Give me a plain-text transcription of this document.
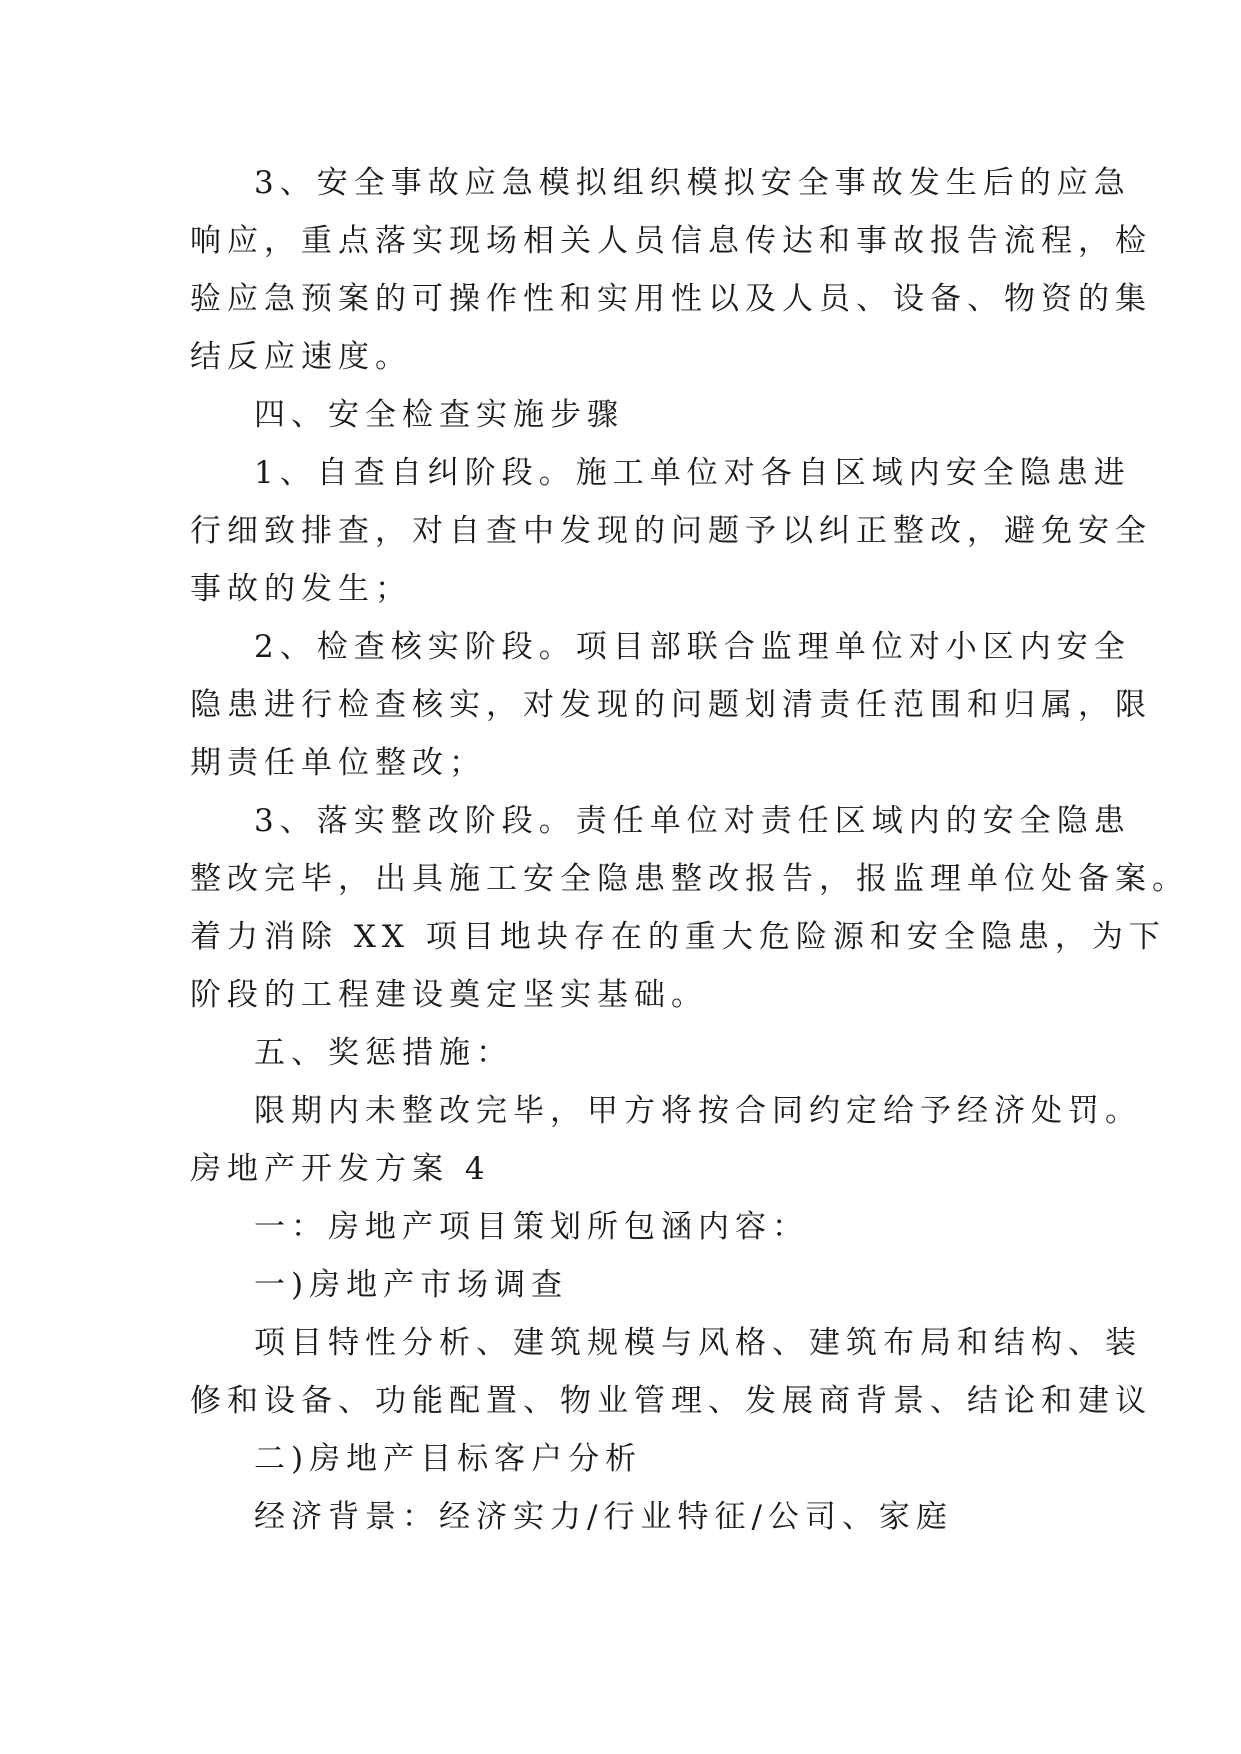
3、安全事故应急模拟组织模拟安全事故发生后的应急
响应，重点落实现场相关人员信息传达和事故报告流程，检
验应急预案的可操作性和实用性以及人员、设备、物资的集
结反应速度。
四、安全检查实施步骤
1、自查自纠阶段。施工单位对各自区域内安全隐患进
行细致排查，对自查中发现的问题予以纠正整改，避免安全
事故的发生；
2、检查核实阶段。项目部联合监理单位对小区内安全
隐患进行检查核实，对发现的问题划清责任范围和归属，限
期责任单位整改；
3、落实整改阶段。责任单位对责任区域内的安全隐患
整改完毕，出具施工安全隐患整改报告，报监理单位处备案。
着力消除 XX 项目地块存在的重大危险源和安全隐患，为下
阶段的工程建设奠定坚实基础。
五、奖惩措施：
限期内未整改完毕，甲方将按合同约定给予经济处罚。
房地产开发方案 4
一：房地产项目策划所包涵内容：
一)房地产市场调查
项目特性分析、建筑规模与风格、建筑布局和结构、装
修和设备、功能配置、物业管理、发展商背景、结论和建议
二)房地产目标客户分析
经济背景：经济实力/行业特征/公司、家庭
